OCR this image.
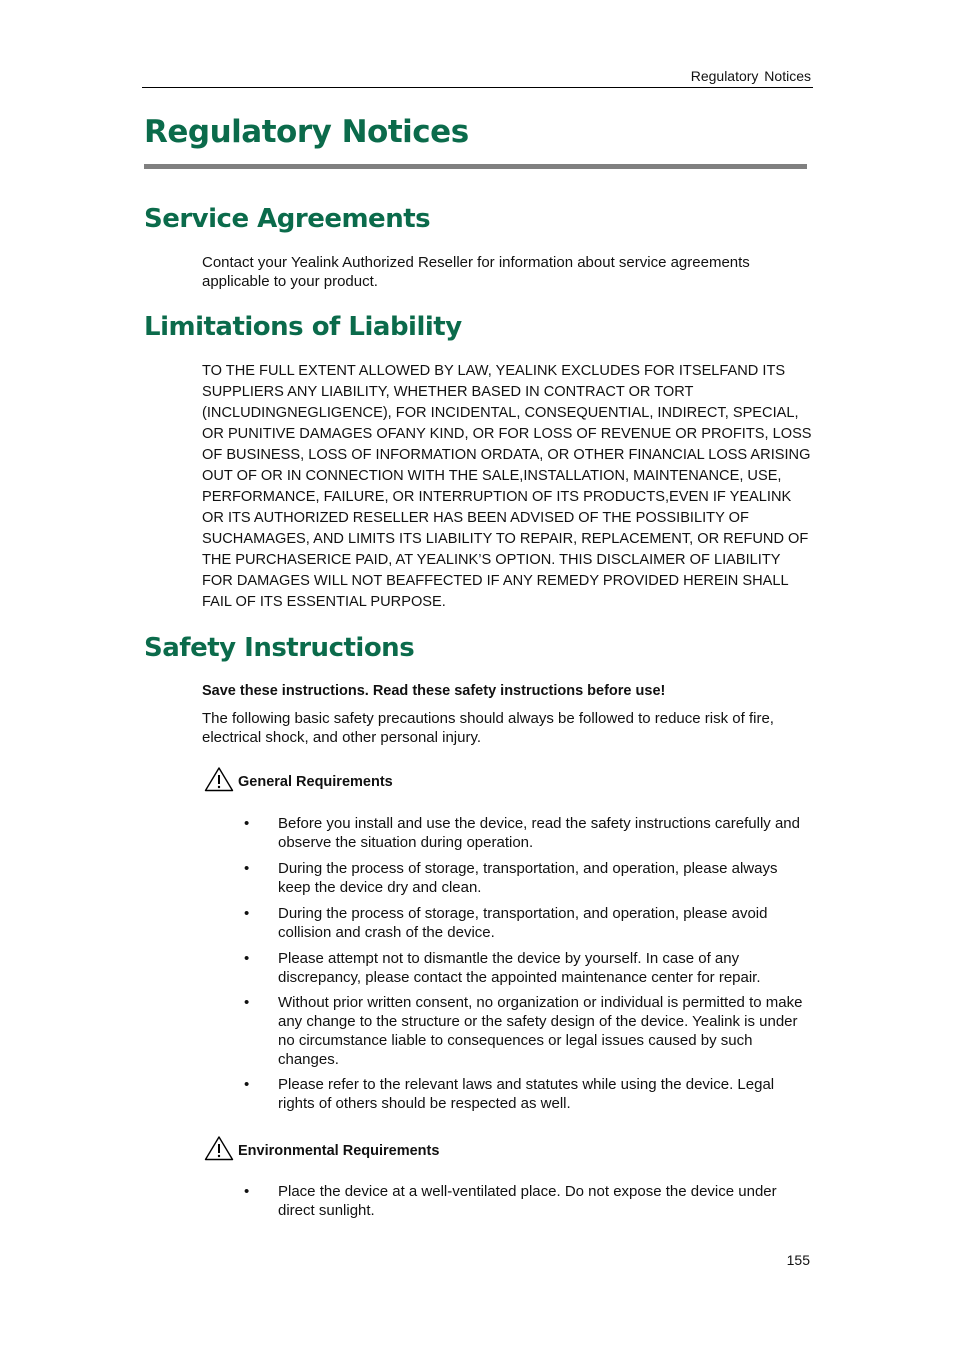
Regulatory Notices
Regulatory Notices
Service Agreements

Contact your Yealink Authorized Reseller for information about service agreements applicable to your product.

Limitations of Liability

TO THE FULL EXTENT ALLOWED BY LAW, YEALINK EXCLUDES FOR ITSELFAND ITS SUPPLIERS ANY LIABILITY, WHETHER BASED IN CONTRACT OR TORT (INCLUDINGNEGLIGENCE), FOR INCIDENTAL, CONSEQUENTIAL, INDIRECT, SPECIAL, OR PUNITIVE DAMAGES OFANY KIND, OR FOR LOSS OF REVENUE OR PROFITS, LOSS OF BUSINESS, LOSS OF INFORMATION ORDATA, OR OTHER FINANCIAL LOSS ARISING OUT OF OR IN CONNECTION WITH THE SALE,INSTALLATION, MAINTENANCE, USE, PERFORMANCE, FAILURE, OR INTERRUPTION OF ITS PRODUCTS,EVEN IF YEALINK OR ITS AUTHORIZED RESELLER HAS BEEN ADVISED OF THE POSSIBILITY OF SUCHAMAGES, AND LIMITS ITS LIABILITY TO REPAIR, REPLACEMENT, OR REFUND OF THE PURCHASERICE PAID, AT YEALINK’S OPTION. THIS DISCLAIMER OF LIABILITY FOR DAMAGES WILL NOT BEAFFECTED IF ANY REMEDY PROVIDED HEREIN SHALL FAIL OF ITS ESSENTIAL PURPOSE.

Safety Instructions

Save these instructions. Read these safety instructions before use!

The following basic safety precautions should always be followed to reduce risk of fire, electrical shock, and other personal injury.

General Requirements
• Before you install and use the device, read the safety instructions carefully and observe the situation during operation.
• During the process of storage, transportation, and operation, please always keep the device dry and clean.
• During the process of storage, transportation, and operation, please avoid collision and crash of the device.
• Please attempt not to dismantle the device by yourself. In case of any discrepancy, please contact the appointed maintenance center for repair.
• Without prior written consent, no organization or individual is permitted to make any change to the structure or the safety design of the device. Yealink is under no circumstance liable to consequences or legal issues caused by such changes.
• Please refer to the relevant laws and statutes while using the device. Legal rights of others should be respected as well.
Environmental Requirements
• Place the device at a well-ventilated place. Do not expose the device under direct sunlight.
155
